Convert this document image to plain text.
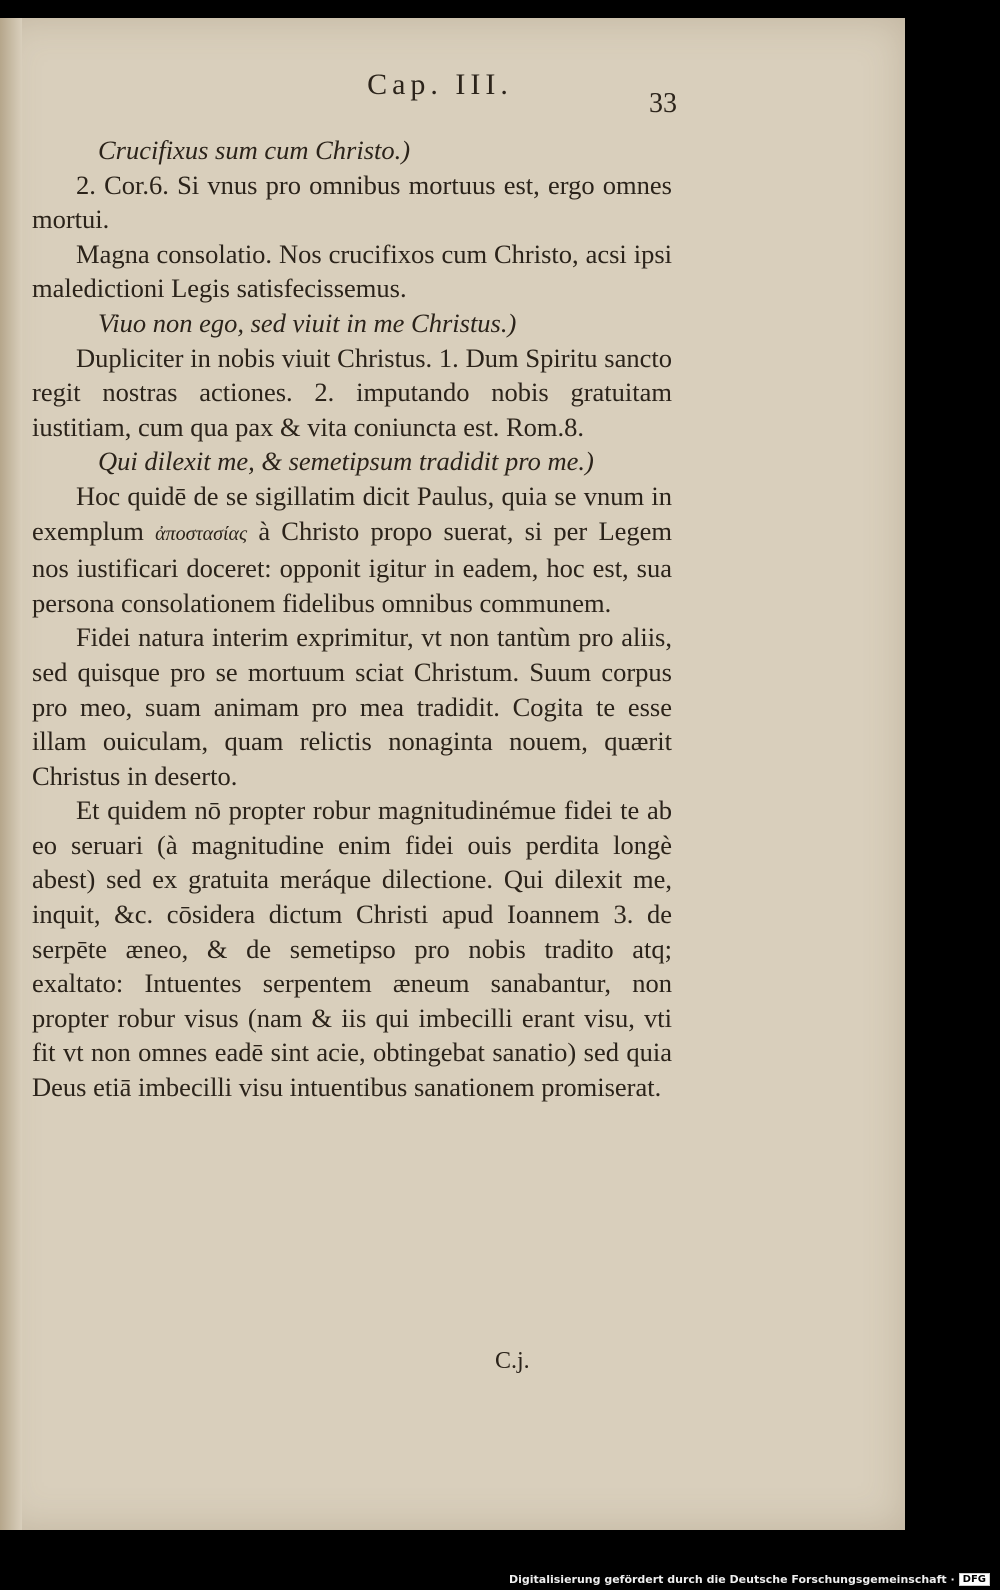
Cap. III.
33

Crucifixus sum cum Christo.)

2. Cor.6. Si vnus pro omnibus mortuus est, ergo omnes mortui.

Magna consolatio. Nos crucifixos cum Christo, acsi ipsi maledictioni Legis satisfecissemus.

Viuo non ego, sed viuit in me Christus.)

Dupliciter in nobis viuit Christus. 1. Dum Spiritu sancto regit nostras actiones. 2. imputando nobis gratuitam iustitiam, cum qua pax & vita coniuncta est. Rom.8.

Qui dilexit me, & semetipsum tradidit pro me.)

Hoc quidē de se sigillatim dicit Paulus, quia se vnum in exemplum ἀποστασίας à Christo propo suerat, si per Legem nos iustificari doceret: opponit igitur in eadem, hoc est, sua persona consolationem fidelibus omnibus communem.

Fidei natura interim exprimitur, vt non tantùm pro aliis, sed quisque pro se mortuum sciat Christum. Suum corpus pro meo, suam animam pro mea tradidit. Cogita te esse illam ouiculam, quam relictis nonaginta nouem, quærit Christus in deserto.

Et quidem nō propter robur magnitudinémue fidei te ab eo seruari (à magnitudine enim fidei ouis perdita longè abest) sed ex gratuita meráque dilectione. Qui dilexit me, inquit, &c. cōsidera dictum Christi apud Ioannem 3. de serpēte æneo, & de semetipso pro nobis tradito atq; exaltato: Intuentes serpentem æneum sanabantur, non propter robur visus (nam & iis qui imbecilli erant visu, vti fit vt non omnes eadē sint acie, obtingebat sanatio) sed quia Deus etiā imbecilli visu intuentibus sanationem promiserat.

C.j.
Digitalisierung gefördert durch die Deutsche Forschungsgemeinschaft · DFG
